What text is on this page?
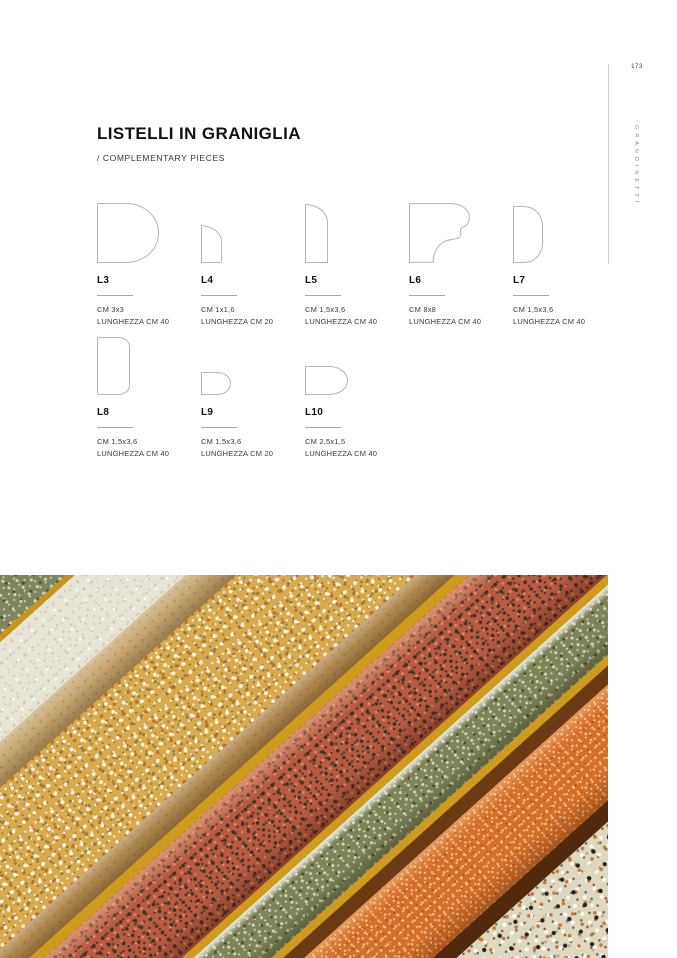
173
GRANDINETTI
LISTELLI IN GRANIGLIA
/ COMPLEMENTARY PIECES
L3
CM 3x3
LUNGHEZZA CM 40
L4
CM 1x1,6
LUNGHEZZA CM 20
L5
CM 1,5x3,6
LUNGHEZZA CM 40
L6
CM 8x8
LUNGHEZZA CM 40
L7
CM 1,5x3,6
LUNGHEZZA CM 40
L8
CM 1,5x3,6
LUNGHEZZA CM 40
L9
CM 1,5x3,6
LUNGHEZZA CM 20
L10
CM 2,5x1,5
LUNGHEZZA CM 40
